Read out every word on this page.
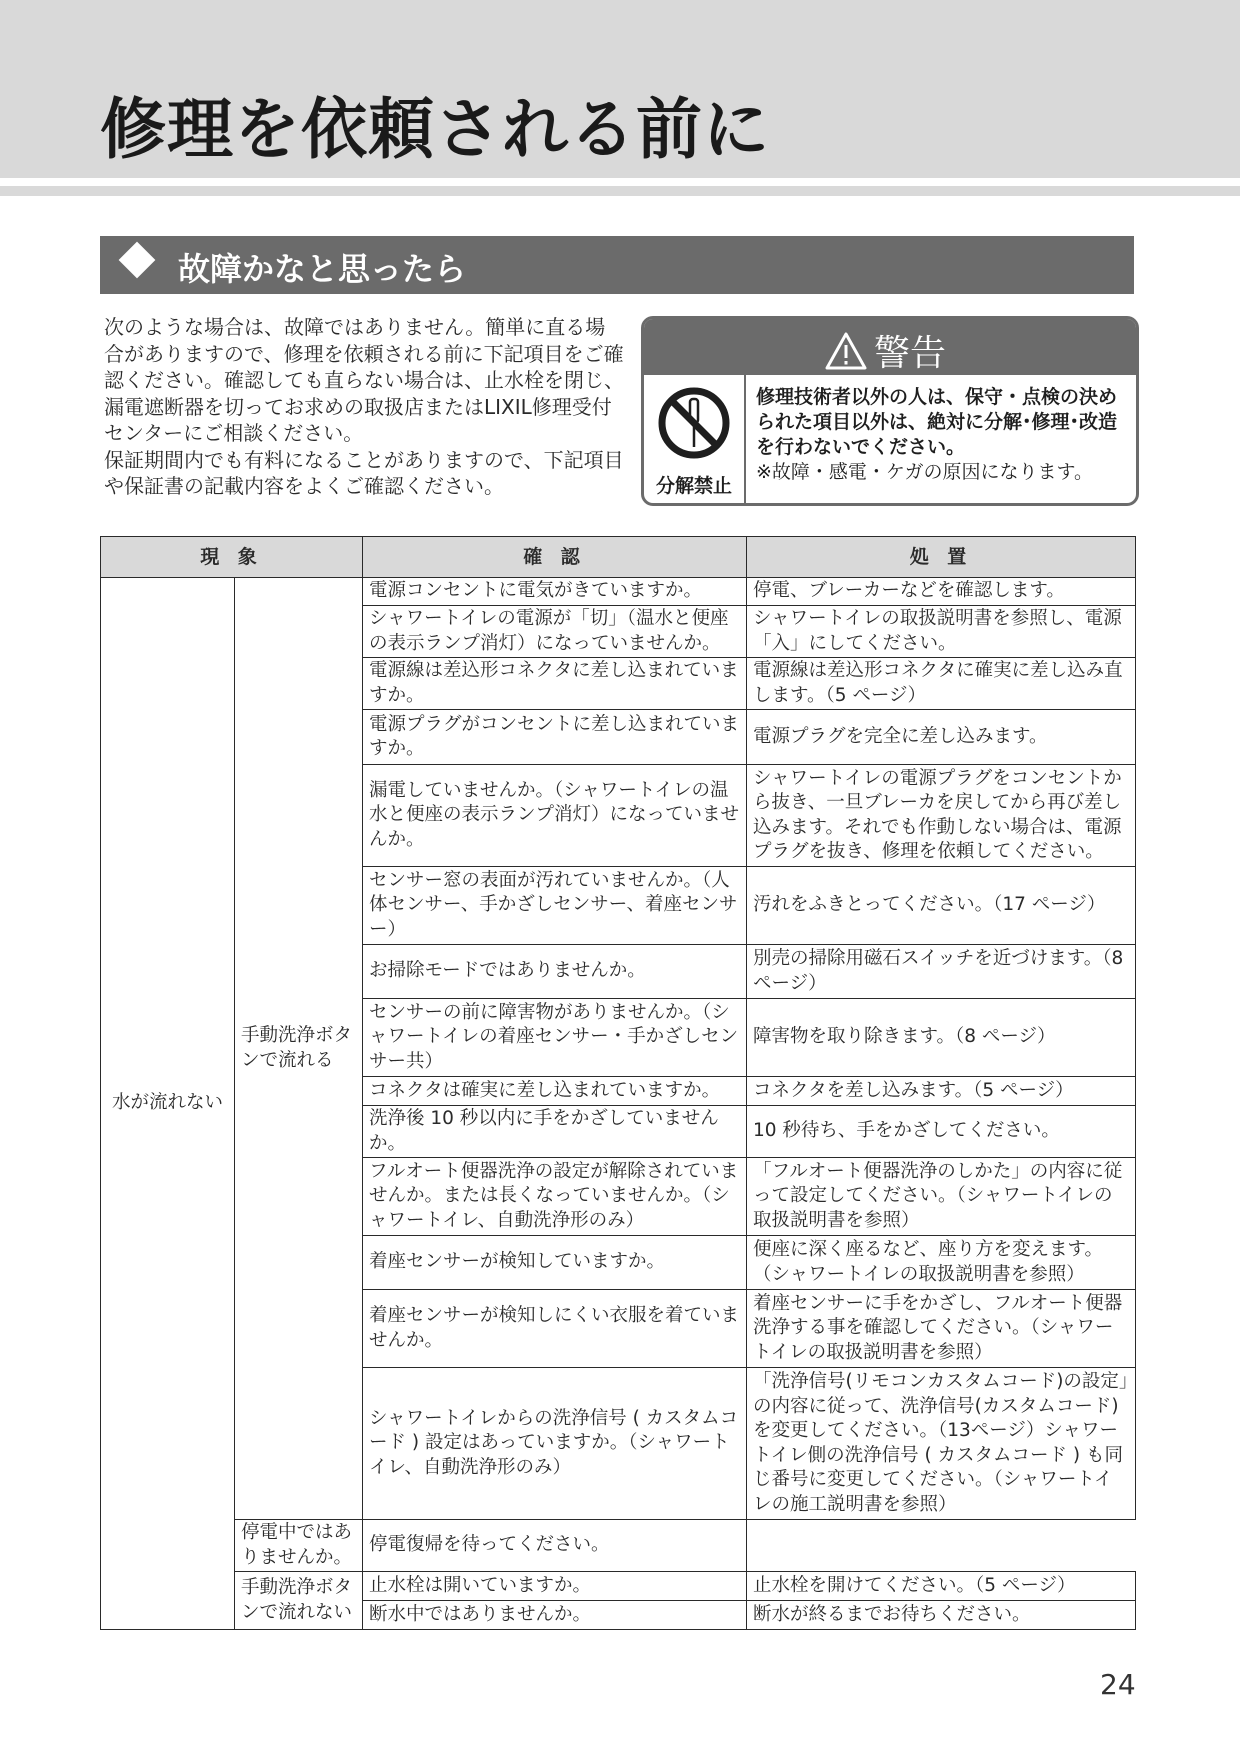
修理を依頼される前に
故障かなと思ったら

次のような場合は、故障ではありません。簡単に直る場合がありますので、修理を依頼される前に下記項目をご確認ください。確認しても直らない場合は、止水栓を閉じ、漏電遮断器を切ってお求めの取扱店またはLIXIL修理受付センターにご相談ください。

保証期間内でも有料になることがありますので、下記項目や保証書の記載内容をよくご確認ください。

警告
分解禁止
修理技術者以外の人は、保守・点検の決められた項目以外は、絶対に分解･修理･改造を行わないでください。
※故障・感電・ケガの原因になります。
現 象		確 認	処 置
水が流れない	手動洗浄ボタンで流れる	電源コンセントに電気がきていますか。	停電、ブレーカーなどを確認します。
		シャワートイレの電源が「切」（温水と便座の表示ランプ消灯）になっていませんか。	シャワートイレの取扱説明書を参照し、電源「入」にしてください。
		電源線は差込形コネクタに差し込まれていますか。	電源線は差込形コネクタに確実に差し込み直します。（5 ページ）
		電源プラグがコンセントに差し込まれていますか。	電源プラグを完全に差し込みます。
		漏電していませんか。（シャワートイレの温水と便座の表示ランプ消灯）になっていませんか。	シャワートイレの電源プラグをコンセントから抜き、一旦ブレーカを戻してから再び差し込みます。それでも作動しない場合は、電源プラグを抜き、修理を依頼してください。
		センサー窓の表面が汚れていませんか。（人体センサー、手かざしセンサー、着座センサー）	汚れをふきとってください。（17 ページ）
		お掃除モードではありませんか。	別売の掃除用磁石スイッチを近づけます。（8 ページ）
		センサーの前に障害物がありませんか。（シャワートイレの着座センサー・手かざしセンサー共）	障害物を取り除きます。（8 ページ）
		コネクタは確実に差し込まれていますか。	コネクタを差し込みます。（5 ページ）
		洗浄後 10 秒以内に手をかざしていませんか。	10 秒待ち、手をかざしてください。
		フルオート便器洗浄の設定が解除されていませんか。または長くなっていませんか。（シャワートイレ、自動洗浄形のみ）	「フルオート便器洗浄のしかた」の内容に従って設定してください。（シャワートイレの取扱説明書を参照）
		着座センサーが検知していますか。	便座に深く座るなど、座り方を変えます。（シャワートイレの取扱説明書を参照）
		着座センサーが検知しにくい衣服を着ていませんか。	着座センサーに手をかざし、フルオート便器洗浄する事を確認してください。（シャワートイレの取扱説明書を参照）
		シャワートイレからの洗浄信号 ( カスタムコード ) 設定はあっていますか。（シャワートイレ、自動洗浄形のみ）	「洗浄信号(リモコンカスタムコード)の設定」の内容に従って、洗浄信号(カスタムコード)を変更してください。（13ページ）シャワートイレ側の洗浄信号 ( カスタムコード ) も同じ番号に変更してください。（シャワートイレの施工説明書を参照）
	停電中ではありませんか。	停電復帰を待ってください。	
	手動洗浄ボタンで流れない	止水栓は開いていますか。	止水栓を開けてください。（5 ページ）
		断水中ではありませんか。	断水が終るまでお待ちください。
24
